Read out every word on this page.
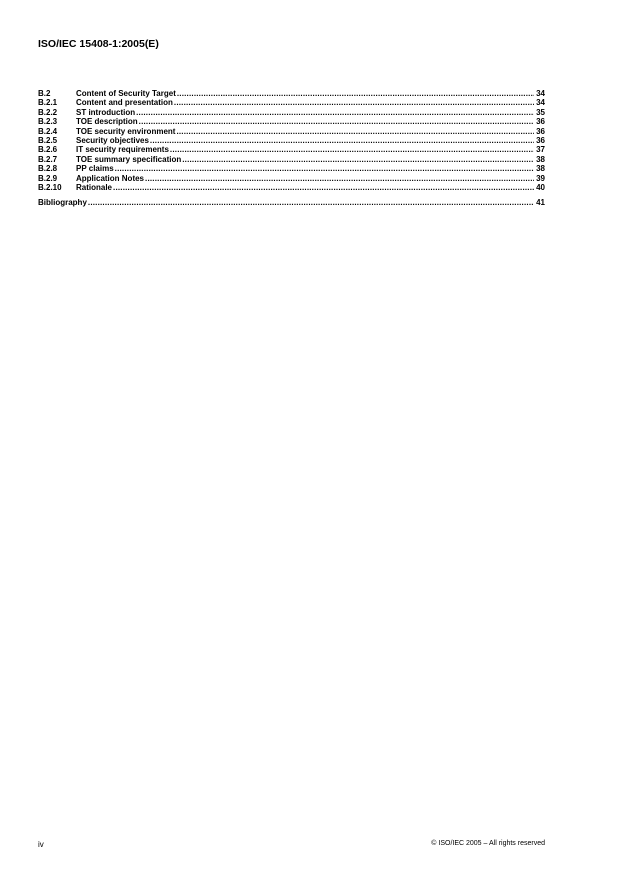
ISO/IEC 15408-1:2005(E)
B.2	Content of Security Target .....	34
B.2.1	Content and presentation .....	34
B.2.2	ST introduction .....	35
B.2.3	TOE description .....	36
B.2.4	TOE security environment .....	36
B.2.5	Security objectives .....	36
B.2.6	IT security requirements .....	37
B.2.7	TOE summary specification .....	38
B.2.8	PP claims .....	38
B.2.9	Application Notes .....	39
B.2.10	Rationale .....	40
Bibliography .....	41
iv	© ISO/IEC 2005 – All rights reserved
